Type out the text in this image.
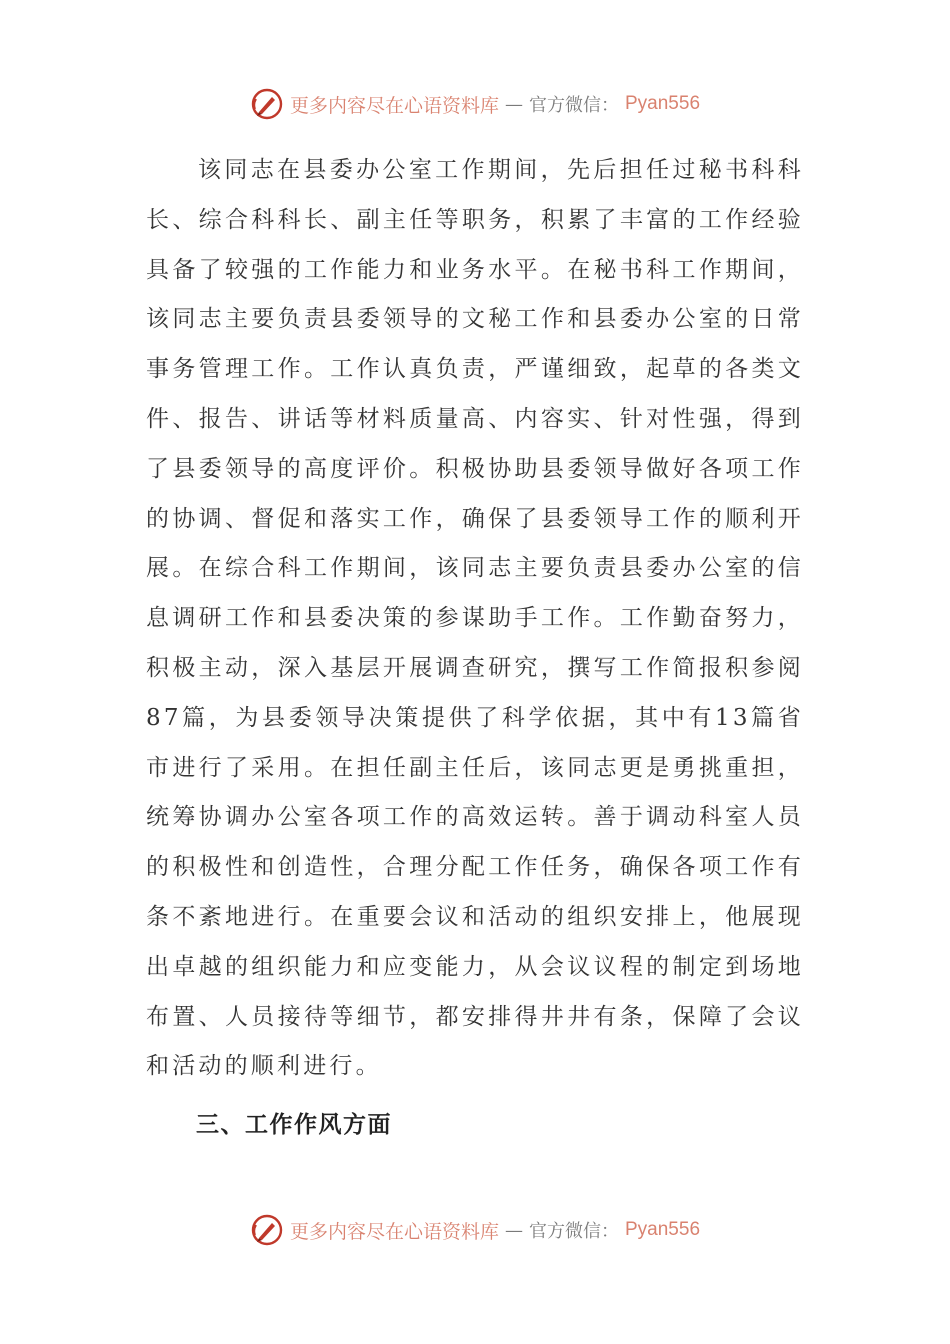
更多内容尽在心语资料库 — 官方微信： Pyan556

该同志在县委办公室工作期间，先后担任过秘书科科长、综合科科长、副主任等职务，积累了丰富的工作经验具备了较强的工作能力和业务水平。在秘书科工作期间，该同志主要负责县委领导的文秘工作和县委办公室的日常事务管理工作。工作认真负责，严谨细致，起草的各类文件、报告、讲话等材料质量高、内容实、针对性强，得到了县委领导的高度评价。积极协助县委领导做好各项工作的协调、督促和落实工作，确保了县委领导工作的顺利开展。在综合科工作期间，该同志主要负责县委办公室的信息调研工作和县委决策的参谋助手工作。工作勤奋努力，积极主动，深入基层开展调查研究，撰写工作简报积参阅87篇，为县委领导决策提供了科学依据，其中有13篇省市进行了采用。在担任副主任后，该同志更是勇挑重担，统筹协调办公室各项工作的高效运转。善于调动科室人员的积极性和创造性，合理分配工作任务，确保各项工作有条不紊地进行。在重要会议和活动的组织安排上，他展现出卓越的组织能力和应变能力，从会议议程的制定到场地布置、人员接待等细节，都安排得井井有条，保障了会议和活动的顺利进行。

三、工作作风方面

更多内容尽在心语资料库 — 官方微信： Pyan556
